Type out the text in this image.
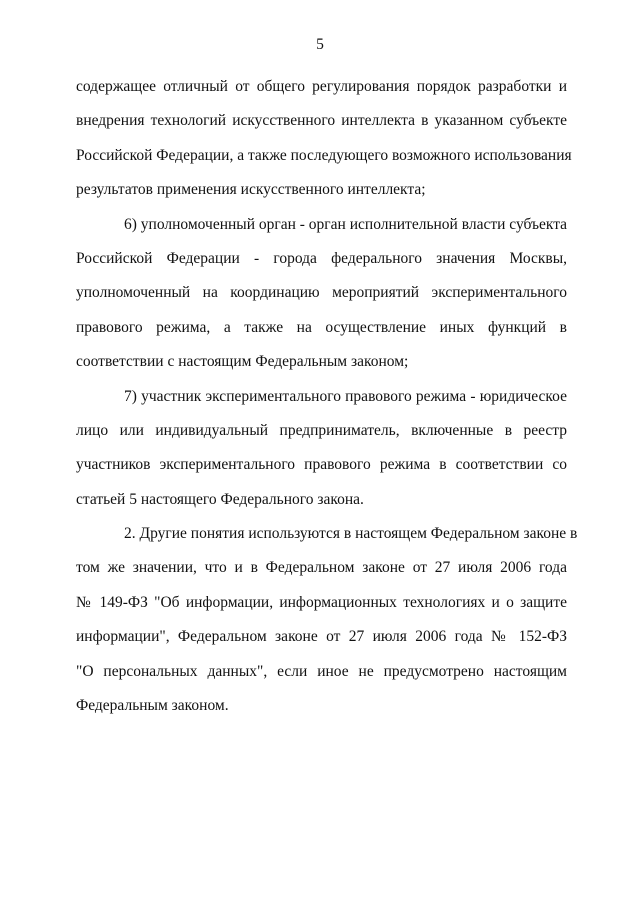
5
содержащее отличный от общего регулирования порядок разработки и
внедрения технологий искусственного интеллекта в указанном субъекте
Российской Федерации, а также последующего возможного использования
результатов применения искусственного интеллекта;
6) уполномоченный орган - орган исполнительной власти субъекта
Российской Федерации - города федерального значения Москвы,
уполномоченный на координацию мероприятий экспериментального
правового режима, а также на осуществление иных функций в
соответствии с настоящим Федеральным законом;
7) участник экспериментального правового режима - юридическое
лицо или индивидуальный предприниматель, включенные в реестр
участников экспериментального правового режима в соответствии со
статьей 5 настоящего Федерального закона.
2. Другие понятия используются в настоящем Федеральном законе в
том же значении, что и в Федеральном законе от 27 июля 2006 года
№ 149-ФЗ "Об информации, информационных технологиях и о защите
информации", Федеральном законе от 27 июля 2006 года № 152-ФЗ
"О персональных данных", если иное не предусмотрено настоящим
Федеральным законом.
